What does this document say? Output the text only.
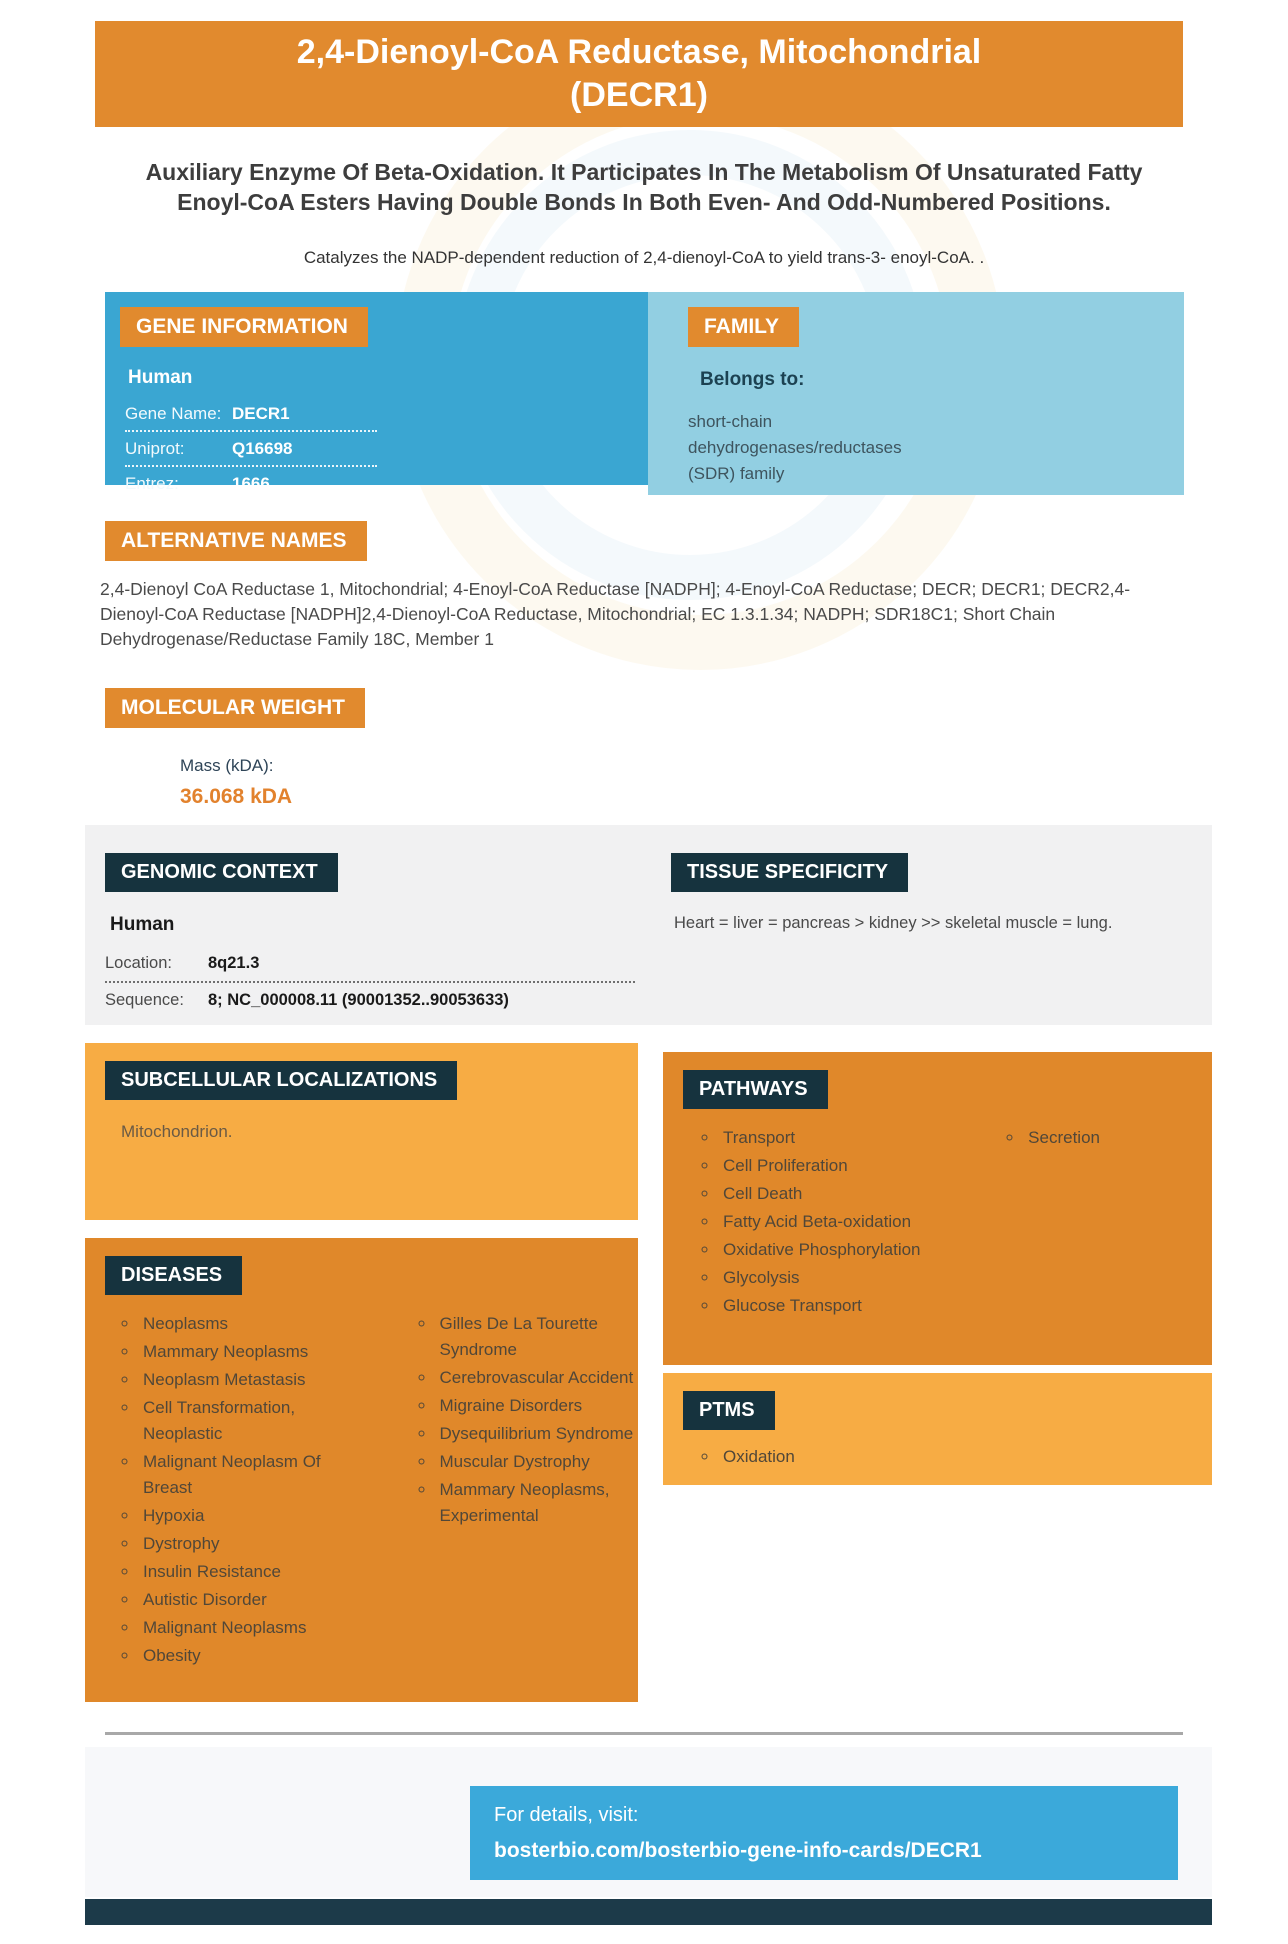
2,4-Dienoyl-CoA Reductase, Mitochondrial
(DECR1)

Auxiliary Enzyme Of Beta-Oxidation. It Participates In The Metabolism Of Unsaturated Fatty Enoyl-CoA Esters Having Double Bonds In Both Even- And Odd-Numbered Positions.

Catalyzes the NADP-dependent reduction of 2,4-dienoyl-CoA to yield trans-3- enoyl-CoA. .

GENE INFORMATION
Human
Gene Name: DECR1
Uniprot:	Q16698
Entrez:	1666
FAMILY
Belongs to:

short-chain dehydrogenases/reductases (SDR) family

ALTERNATIVE NAMES

2,4-Dienoyl CoA Reductase 1, Mitochondrial; 4-Enoyl-CoA Reductase [NADPH]; 4-Enoyl-CoA Reductase; DECR; DECR1; DECR2,4-Dienoyl-CoA Reductase [NADPH]2,4-Dienoyl-CoA Reductase, Mitochondrial; EC 1.3.1.34; NADPH; SDR18C1; Short Chain Dehydrogenase/Reductase Family 18C, Member 1

MOLECULAR WEIGHT
Mass (kDA):
36.068 kDA
GENOMIC CONTEXT
Human
Location: 8q21.3
Sequence: 8; NC_000008.11 (90001352..90053633)
TISSUE SPECIFICITY

Heart = liver = pancreas > kidney >> skeletal muscle = lung.

SUBCELLULAR LOCALIZATIONS

Mitochondrion.

DISEASES
◦ Neoplasms
◦ Mammary Neoplasms
◦ Neoplasm Metastasis
◦ Cell Transformation, Neoplastic
◦ Malignant Neoplasm Of Breast
◦ Hypoxia
◦ Dystrophy
◦ Insulin Resistance
◦ Autistic Disorder
◦ Malignant Neoplasms
◦ Obesity
◦ Gilles De La Tourette Syndrome
◦ Cerebrovascular Accident
◦ Migraine Disorders
◦ Dysequilibrium Syndrome
◦ Muscular Dystrophy
◦ Mammary Neoplasms, Experimental
PATHWAYS
◦ Transport
◦ Cell Proliferation
◦ Cell Death
◦ Fatty Acid Beta-oxidation
◦ Oxidative Phosphorylation
◦ Glycolysis
◦ Glucose Transport
◦ Secretion
PTMS
◦ Oxidation
For details, visit:
bosterbio.com/bosterbio-gene-info-cards/DECR1
